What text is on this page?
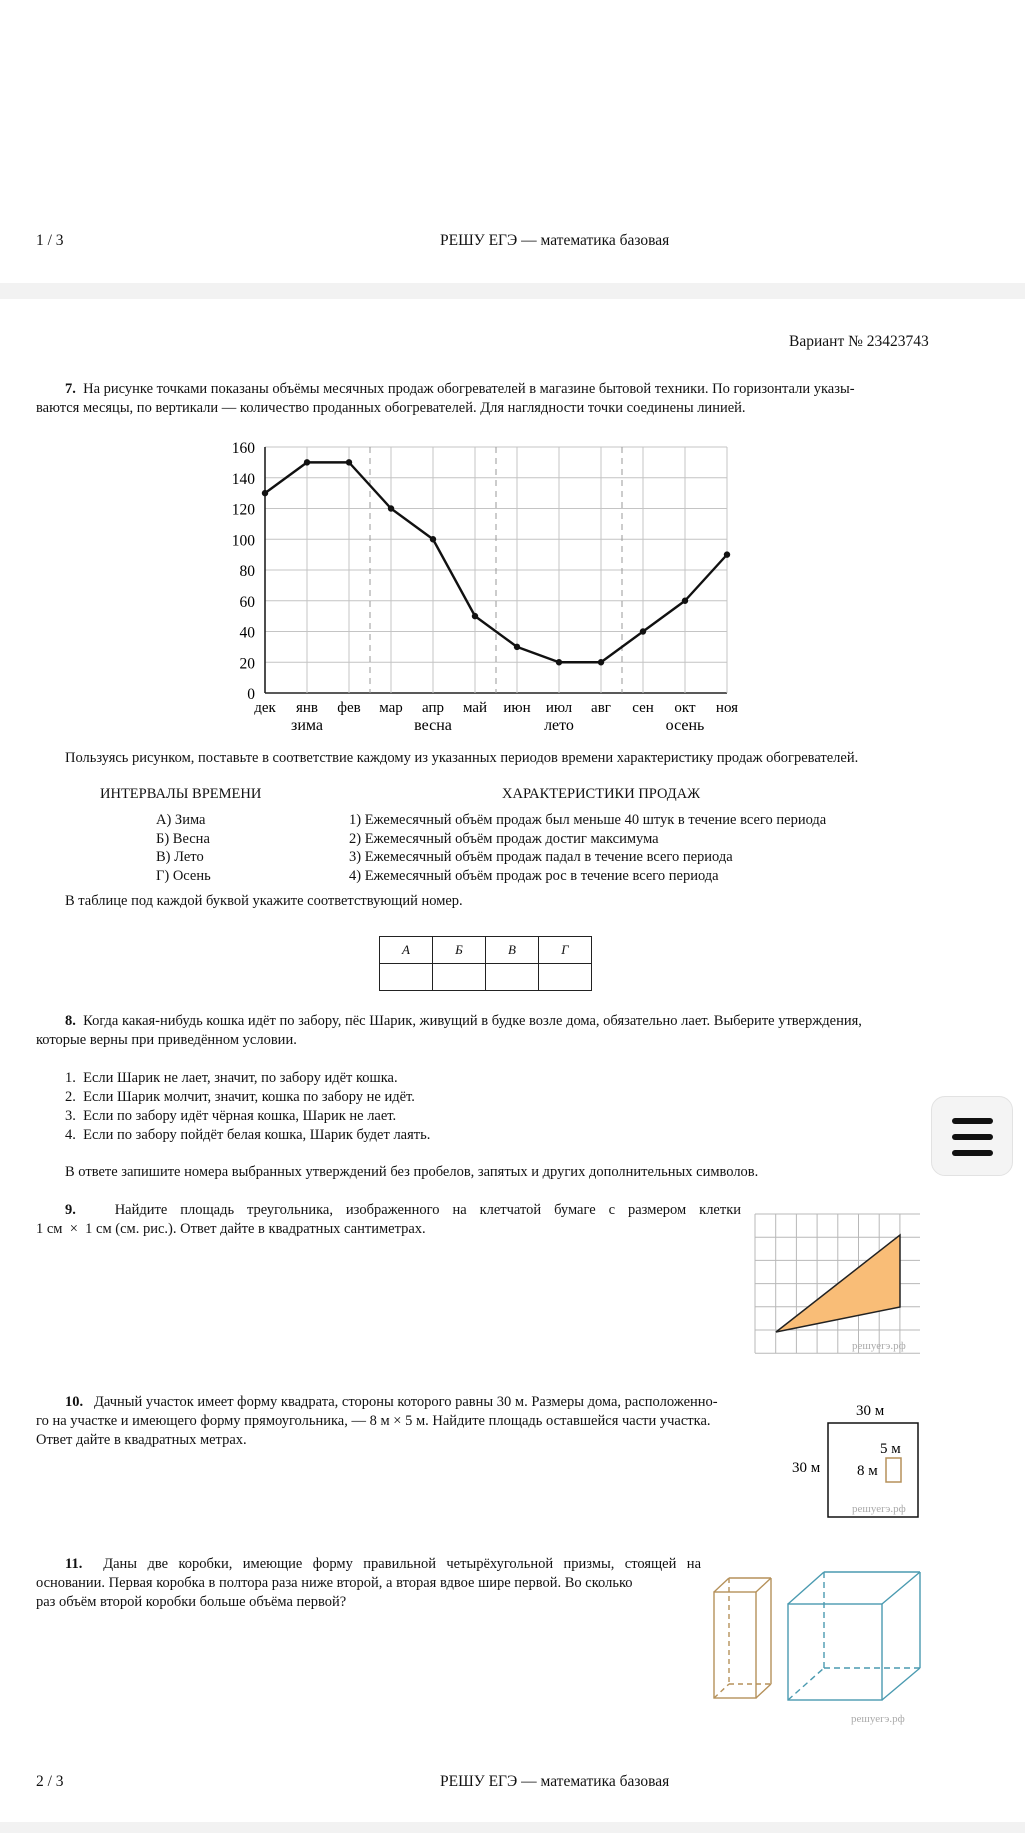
1 / 3	РЕШУ ЕГЭ — математика базовая
Вариант № 23423743
7. На рисунке точками показаны объёмы месячных продаж обогревателей в магазине бытовой техники. По горизонтали указы-
ваются месяцы, по вертикали — количество проданных обогревателей. Для наглядности точки соединены линией.
0
20
40
60
80
100
120
140
160
дек янв фев мар апр май июн июл авг сен окт ноя
зима	весна	лето	осень
Пользуясь рисунком, поставьте в соответствие каждому из указанных периодов времени характеристику продаж обогревателей.
ИНТЕРВАЛЫ ВРЕМЕНИ	ХАРАКТЕРИСТИКИ ПРОДАЖ
А) Зима
Б) Весна
В) Лето
Г) Осень
1) Ежемесячный объём продаж был меньше 40 штук в течение всего периода
2) Ежемесячный объём продаж достиг максимума
3) Ежемесячный объём продаж падал в течение всего периода
4) Ежемесячный объём продаж рос в течение всего периода
В таблице под каждой буквой укажите соответствующий номер.
А	Б	В	Г

8. Когда какая-нибудь кошка идёт по забору, пёс Шарик, живущий в будке возле дома, обязательно лает. Выберите утверждения,
которые верны при приведённом условии.
1.  Если Шарик не лает, значит, по забору идёт кошка.
2.  Если Шарик молчит, значит, кошка по забору не идёт.
3.  Если по забору идёт чёрная кошка, Шарик не лает.
4.  Если по забору пойдёт белая кошка, Шарик будет лаять.
В ответе запишите номера выбранных утверждений без пробелов, запятых и других дополнительных символов.
9.	Найдите площадь треугольника, изображенного на клетчатой бумаге с размером клетки
1 см  ×  1 см (см. рис.). Ответ дайте в квадратных сантиметрах.
решуегэ.рф
10. Дачный участок имеет форму квадрата, стороны которого равны 30 м. Размеры дома, расположенно-
го на участке и имеющего форму прямоугольника, — 8 м × 5 м. Найдите площадь оставшейся части участка.
Ответ дайте в квадратных метрах.
30 м
30 м
5 м
8 м
решуегэ.рф
11. Даны две коробки, имеющие форму правильной четырёхугольной призмы, стоящей на
основании. Первая коробка в полтора раза ниже второй, а вторая вдвое шире первой. Во сколько
раз объём второй коробки больше объёма первой?
решуегэ.рф
2 / 3	РЕШУ ЕГЭ — математика базовая
